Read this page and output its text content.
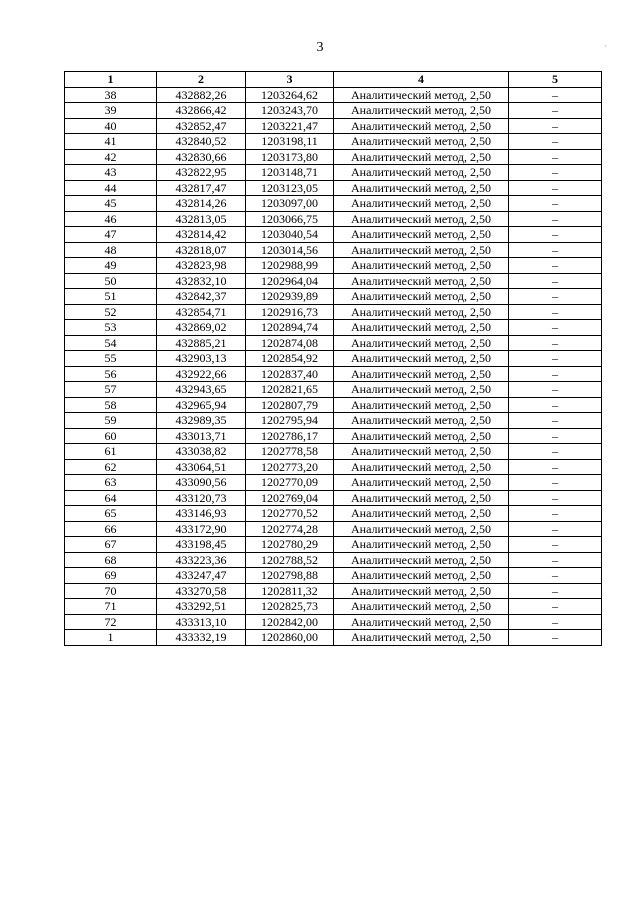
3	´
1	2	3	4	5
38	432882,26	1203264,62	Аналитический метод, 2,50	–
39	432866,42	1203243,70	Аналитический метод, 2,50	–
40	432852,47	1203221,47	Аналитический метод, 2,50	–
41	432840,52	1203198,11	Аналитический метод, 2,50	–
42	432830,66	1203173,80	Аналитический метод, 2,50	–
43	432822,95	1203148,71	Аналитический метод, 2,50	–
44	432817,47	1203123,05	Аналитический метод, 2,50	–
45	432814,26	1203097,00	Аналитический метод, 2,50	–
46	432813,05	1203066,75	Аналитический метод, 2,50	–
47	432814,42	1203040,54	Аналитический метод, 2,50	–
48	432818,07	1203014,56	Аналитический метод, 2,50	–
49	432823,98	1202988,99	Аналитический метод, 2,50	–
50	432832,10	1202964,04	Аналитический метод, 2,50	–
51	432842,37	1202939,89	Аналитический метод, 2,50	–
52	432854,71	1202916,73	Аналитический метод, 2,50	–
53	432869,02	1202894,74	Аналитический метод, 2,50	–
54	432885,21	1202874,08	Аналитический метод, 2,50	–
55	432903,13	1202854,92	Аналитический метод, 2,50	–
56	432922,66	1202837,40	Аналитический метод, 2,50	–
57	432943,65	1202821,65	Аналитический метод, 2,50	–
58	432965,94	1202807,79	Аналитический метод, 2,50	–
59	432989,35	1202795,94	Аналитический метод, 2,50	–
60	433013,71	1202786,17	Аналитический метод, 2,50	–
61	433038,82	1202778,58	Аналитический метод, 2,50	–
62	433064,51	1202773,20	Аналитический метод, 2,50	–
63	433090,56	1202770,09	Аналитический метод, 2,50	–
64	433120,73	1202769,04	Аналитический метод, 2,50	–
65	433146,93	1202770,52	Аналитический метод, 2,50	–
66	433172,90	1202774,28	Аналитический метод, 2,50	–
67	433198,45	1202780,29	Аналитический метод, 2,50	–
68	433223,36	1202788,52	Аналитический метод, 2,50	–
69	433247,47	1202798,88	Аналитический метод, 2,50	–
70	433270,58	1202811,32	Аналитический метод, 2,50	–
71	433292,51	1202825,73	Аналитический метод, 2,50	–
72	433313,10	1202842,00	Аналитический метод, 2,50	–
1	433332,19	1202860,00	Аналитический метод, 2,50	–
